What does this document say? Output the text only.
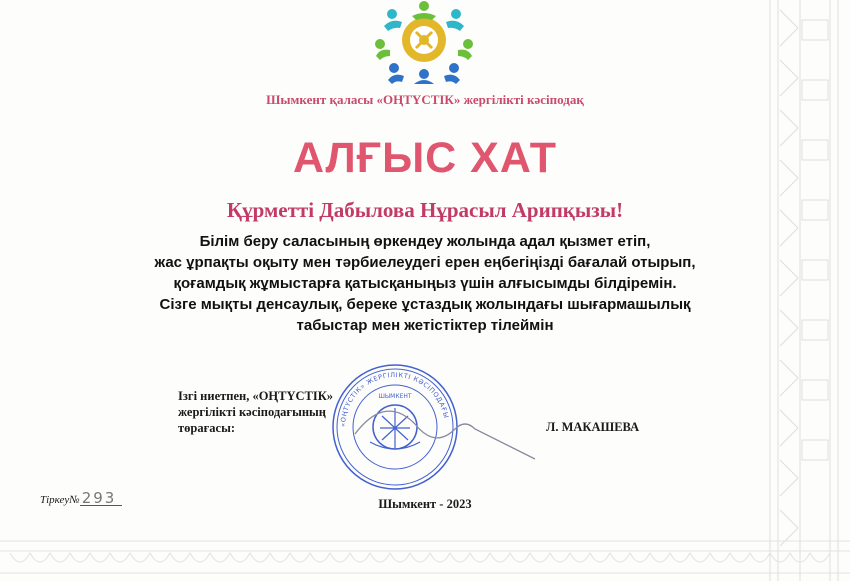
Шымкент қаласы «ОҢТҮСТІК» жергілікті кәсіподақ
АЛҒЫС ХАТ
Құрметті Дабылова Нұрасыл Арипқызы!
Білім беру саласының өркендеу жолында адал қызмет етіп,
жас ұрпақты оқыту мен тәрбиелеудегі ерен еңбегіңізді бағалай отырып,
қоғамдық жұмыстарға қатысқаныңыз үшін алғысымды білдіремін.
Сізге мықты денсаулық, береке ұстаздық жолындағы шығармашылық
табыстар мен жетістіктер тілеймін
Ізгі ниетпен, «ОҢТҮСТІК»
жергілікті кәсіподағының
төрағасы:	«ОҢТҮСТІК» ЖЕРГІЛІКТІ КӘСІПОДАҒЫ
ШЫМКЕНТ
Л. МАКАШЕВА
Тіркеу№ 293	Шымкент - 2023
